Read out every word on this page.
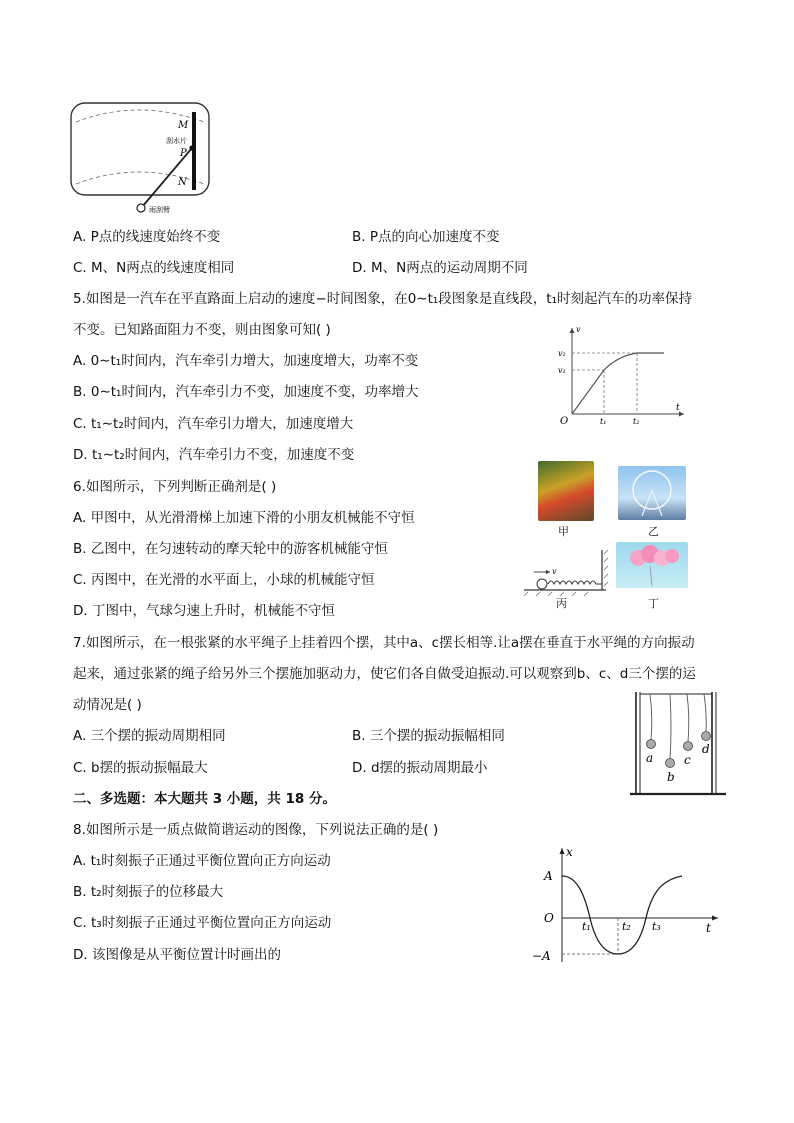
M
刮水片
P
N
雨刮臂
A. P点的线速度始终不变	B. P点的向心加速度不变
C. M、N两点的线速度相同	D. M、N两点的运动周期不同
5.如图是一汽车在平直路面上启动的速度−时间图象，在0∼t₁段图象是直线段，t₁时刻起汽车的功率保持
不变。已知路面阻力不变，则由图象可知( )
A. 0∼t₁时间内，汽车牵引力增大，加速度增大，功率不变
B. 0∼t₁时间内，汽车牵引力不变，加速度不变，功率增大
C. t₁∼t₂时间内，汽车牵引力增大，加速度增大
D. t₁∼t₂时间内，汽车牵引力不变，加速度不变
v
v₂
v₁
O	t₁	t₂
t
6.如图所示，下列判断正确剂是( )
A. 甲图中，从光滑滑梯上加速下滑的小朋友机械能不守恒
B. 乙图中，在匀速转动的摩天轮中的游客机械能守恒
C. 丙图中，在光滑的水平面上，小球的机械能守恒
D. 丁图中，气球匀速上升时，机械能不守恒
甲	乙
v
丙	丁
7.如图所示，在一根张紧的水平绳子上挂着四个摆，其中a、c摆长相等.让a摆在垂直于水平绳的方向振动
起来，通过张紧的绳子给另外三个摆施加驱动力，使它们各自做受迫振动.可以观察到b、c、d三个摆的运
动情况是( )
A. 三个摆的振动周期相同	B. 三个摆的振动振幅相同
C. b摆的振动振幅最大	D. d摆的振动周期最小
a
b
c
d
二、多选题：本大题共 3 小题，共 18 分。
8.如图所示是一质点做简谐运动的图像，下列说法正确的是( )
A. t₁时刻振子正通过平衡位置向正方向运动
B. t₂时刻振子的位移最大
C. t₃时刻振子正通过平衡位置向正方向运动
D. 该图像是从平衡位置计时画出的
x
A
O
−A
t₁	t₂ t₃	t
